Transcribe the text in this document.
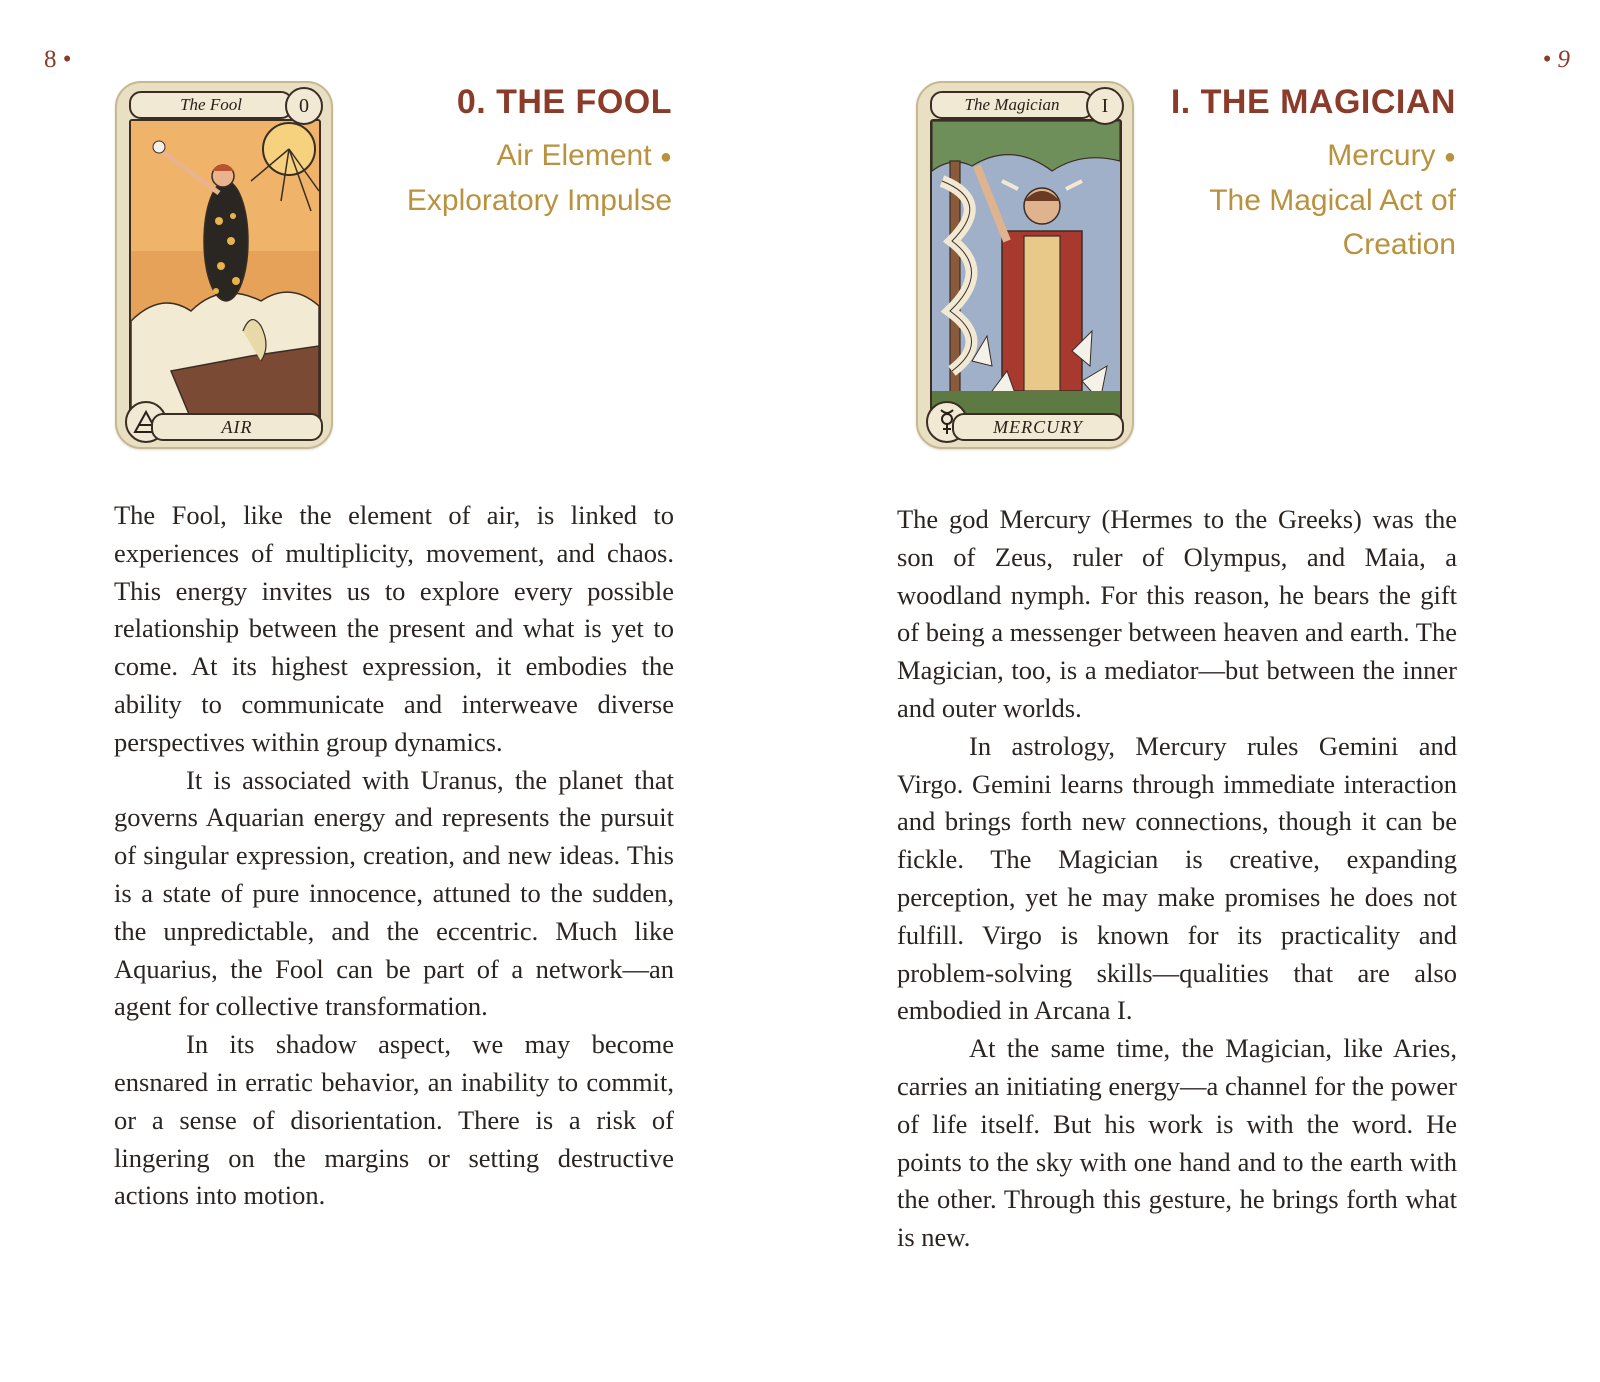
8 •
The Fool	0
AIR

0. THE FOOL

Air Element ●

Exploratory Impulse

The Fool, like the element of air, is linked to experiences of multiplicity, movement, and chaos. This energy invites us to explore every possible relationship between the present and what is yet to come. At its highest expression, it embodies the ability to communicate and interweave diverse perspectives within group dynamics.

It is associated with Uranus, the planet that governs Aquarian energy and represents the pursuit of singular expression, creation, and new ideas. This is a state of pure innocence, attuned to the sudden, the unpredictable, and the eccentric. Much like Aquarius, the Fool can be part of a network—an agent for collective transformation.

In its shadow aspect, we may become ensnared in erratic behavior, an inability to commit, or a sense of disorientation. There is a risk of lingering on the margins or setting destructive actions into motion.

• 9
The Magician	I
MERCURY

I. THE MAGICIAN

Mercury ●

The Magical Act of

Creation

The god Mercury (Hermes to the Greeks) was the son of Zeus, ruler of Olympus, and Maia, a woodland nymph. For this reason, he bears the gift of being a messenger between heaven and earth. The Magician, too, is a mediator—but between the inner and outer worlds.

In astrology, Mercury rules Gemini and Virgo. Gemini learns through immediate interaction and brings forth new connections, though it can be fickle. The Magician is creative, expanding perception, yet he may make promises he does not fulfill. Virgo is known for its practicality and problem-solving skills—qualities that are also embodied in Arcana I.

At the same time, the Magician, like Aries, carries an initiating energy—a channel for the power of life itself. But his work is with the word. He points to the sky with one hand and to the earth with the other. Through this gesture, he brings forth what is new.
